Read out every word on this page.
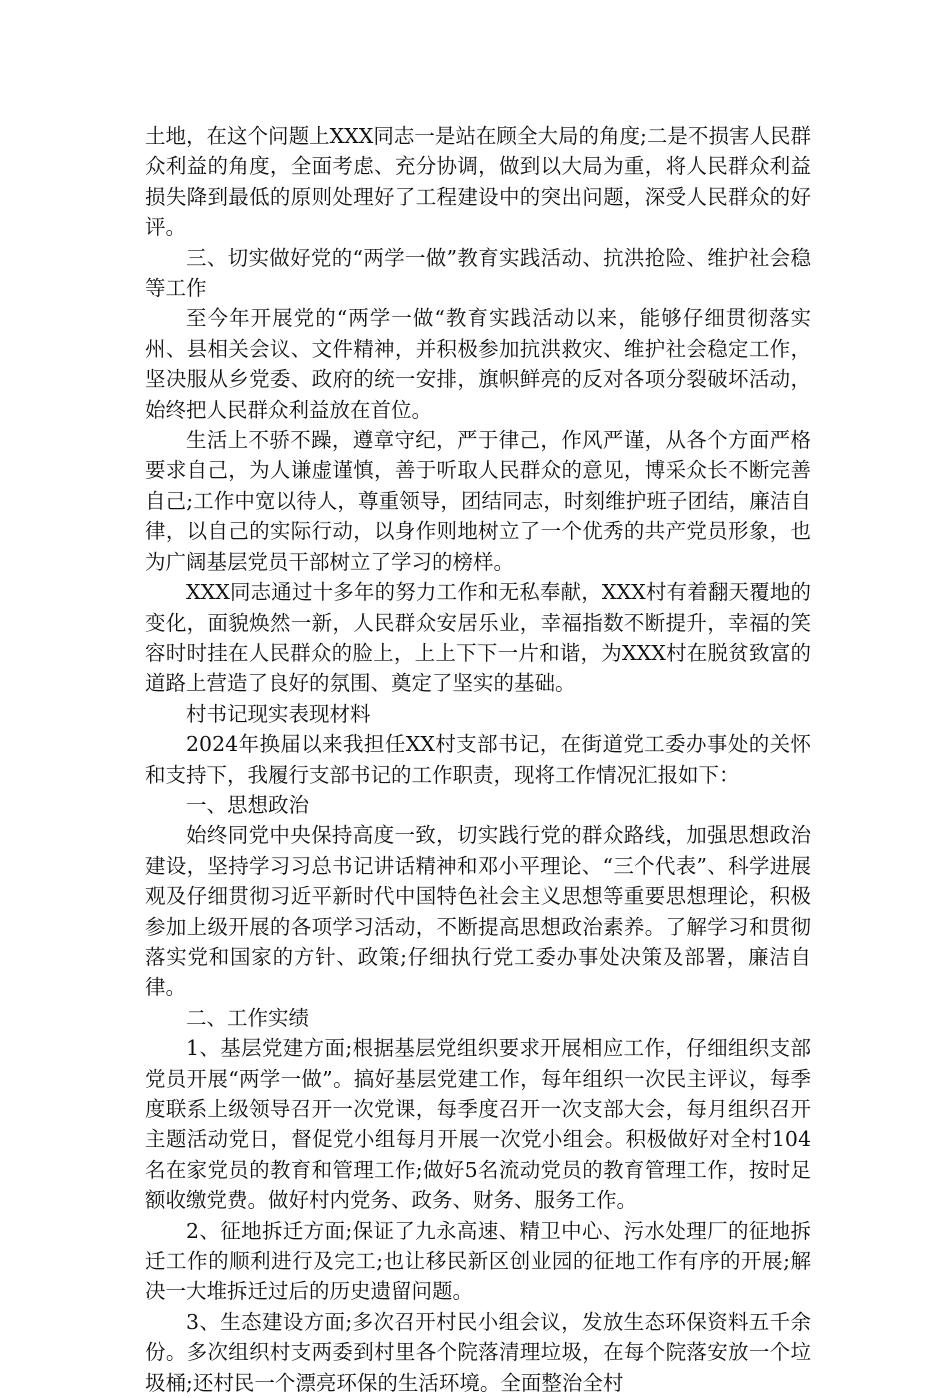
土地，在这个问题上XXX同志一是站在顾全大局的角度;二是不损害人民群众利益的角度，全面考虑、充分协调，做到以大局为重，将人民群众利益损失降到最低的原则处理好了工程建设中的突出问题，深受人民群众的好评。

三、切实做好党的“两学一做”教育实践活动、抗洪抢险、维护社会稳等工作

至今年开展党的“两学一做“教育实践活动以来，能够仔细贯彻落实州、县相关会议、文件精神，并积极参加抗洪救灾、维护社会稳定工作，坚决服从乡党委、政府的统一安排，旗帜鲜亮的反对各项分裂破坏活动，始终把人民群众利益放在首位。

生活上不骄不躁，遵章守纪，严于律己，作风严谨，从各个方面严格要求自己，为人谦虚谨慎，善于听取人民群众的意见，博采众长不断完善自己;工作中宽以待人，尊重领导，团结同志，时刻维护班子团结，廉洁自律，以自己的实际行动，以身作则地树立了一个优秀的共产党员形象，也为广阔基层党员干部树立了学习的榜样。

XXX同志通过十多年的努力工作和无私奉献，XXX村有着翻天覆地的变化，面貌焕然一新，人民群众安居乐业，幸福指数不断提升，幸福的笑容时时挂在人民群众的脸上，上上下下一片和谐，为XXX村在脱贫致富的道路上营造了良好的氛围、奠定了坚实的基础。

村书记现实表现材料

2024年换届以来我担任XX村支部书记，在街道党工委办事处的关怀和支持下，我履行支部书记的工作职责，现将工作情况汇报如下：

一、思想政治

始终同党中央保持高度一致，切实践行党的群众路线，加强思想政治建设，坚持学习习总书记讲话精神和邓小平理论、“三个代表”、科学进展观及仔细贯彻习近平新时代中国特色社会主义思想等重要思想理论，积极参加上级开展的各项学习活动，不断提高思想政治素养。了解学习和贯彻落实党和国家的方针、政策;仔细执行党工委办事处决策及部署，廉洁自律。

二、工作实绩

1、基层党建方面;根据基层党组织要求开展相应工作，仔细组织支部党员开展“两学一做”。搞好基层党建工作，每年组织一次民主评议，每季度联系上级领导召开一次党课，每季度召开一次支部大会，每月组织召开主题活动党日，督促党小组每月开展一次党小组会。积极做好对全村104名在家党员的教育和管理工作;做好5名流动党员的教育管理工作，按时足额收缴党费。做好村内党务、政务、财务、服务工作。

2、征地拆迁方面;保证了九永高速、精卫中心、污水处理厂的征地拆迁工作的顺利进行及完工;也让移民新区创业园的征地工作有序的开展;解决一大堆拆迁过后的历史遗留问题。

3、生态建设方面;多次召开村民小组会议，发放生态环保资料五千余份。多次组织村支两委到村里各个院落清理垃圾，在每个院落安放一个垃圾桶;还村民一个漂亮环保的生活环境。全面整治全村
